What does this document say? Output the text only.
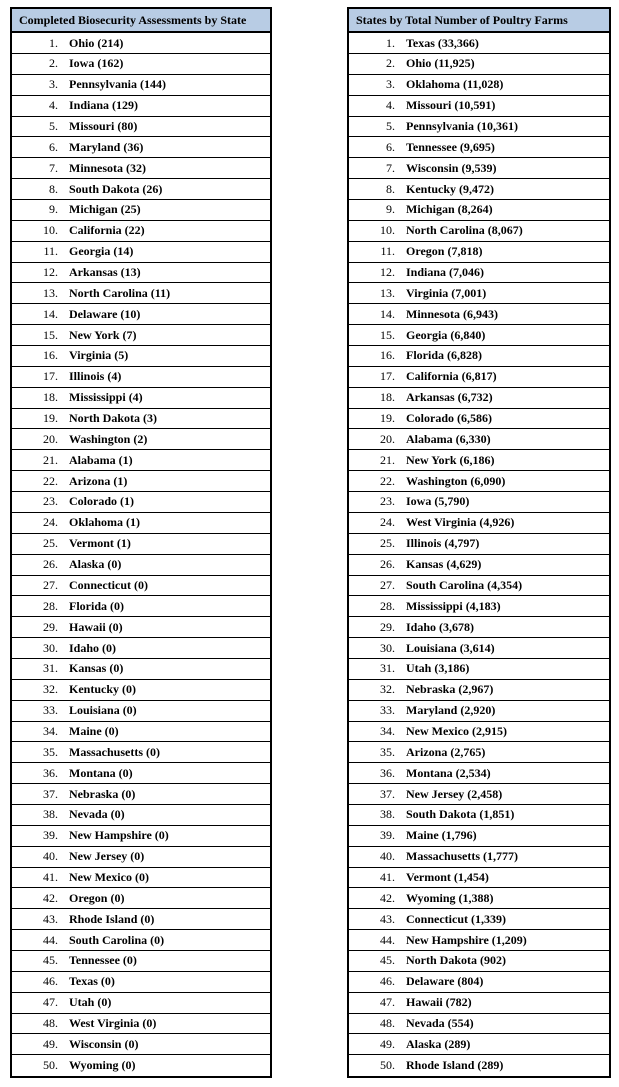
Completed Biosecurity Assessments by State
1. Ohio (214)
2. Iowa (162)
3. Pennsylvania (144)
4. Indiana (129)
5. Missouri (80)
6. Maryland (36)
7. Minnesota (32)
8. South Dakota (26)
9. Michigan (25)
10. California (22)
11. Georgia (14)
12. Arkansas (13)
13. North Carolina (11)
14. Delaware (10)
15. New York (7)
16. Virginia (5)
17. Illinois (4)
18. Mississippi (4)
19. North Dakota (3)
20. Washington (2)
21. Alabama (1)
22. Arizona (1)
23. Colorado (1)
24. Oklahoma (1)
25. Vermont (1)
26. Alaska (0)
27. Connecticut (0)
28. Florida (0)
29. Hawaii (0)
30. Idaho (0)
31. Kansas (0)
32. Kentucky (0)
33. Louisiana (0)
34. Maine (0)
35. Massachusetts (0)
36. Montana (0)
37. Nebraska (0)
38. Nevada (0)
39. New Hampshire (0)
40. New Jersey (0)
41. New Mexico (0)
42. Oregon (0)
43. Rhode Island (0)
44. South Carolina (0)
45. Tennessee (0)
46. Texas (0)
47. Utah (0)
48. West Virginia (0)
49. Wisconsin (0)
50. Wyoming (0)
States by Total Number of Poultry Farms
1. Texas (33,366)
2. Ohio (11,925)
3. Oklahoma (11,028)
4. Missouri (10,591)
5. Pennsylvania (10,361)
6. Tennessee (9,695)
7. Wisconsin (9,539)
8. Kentucky (9,472)
9. Michigan (8,264)
10. North Carolina (8,067)
11. Oregon (7,818)
12. Indiana (7,046)
13. Virginia (7,001)
14. Minnesota (6,943)
15. Georgia (6,840)
16. Florida (6,828)
17. California (6,817)
18. Arkansas (6,732)
19. Colorado (6,586)
20. Alabama (6,330)
21. New York (6,186)
22. Washington (6,090)
23. Iowa (5,790)
24. West Virginia (4,926)
25. Illinois (4,797)
26. Kansas (4,629)
27. South Carolina (4,354)
28. Mississippi (4,183)
29. Idaho (3,678)
30. Louisiana (3,614)
31. Utah (3,186)
32. Nebraska (2,967)
33. Maryland (2,920)
34. New Mexico (2,915)
35. Arizona (2,765)
36. Montana (2,534)
37. New Jersey (2,458)
38. South Dakota (1,851)
39. Maine (1,796)
40. Massachusetts (1,777)
41. Vermont (1,454)
42. Wyoming (1,388)
43. Connecticut (1,339)
44. New Hampshire (1,209)
45. North Dakota (902)
46. Delaware (804)
47. Hawaii (782)
48. Nevada (554)
49. Alaska (289)
50. Rhode Island (289)
